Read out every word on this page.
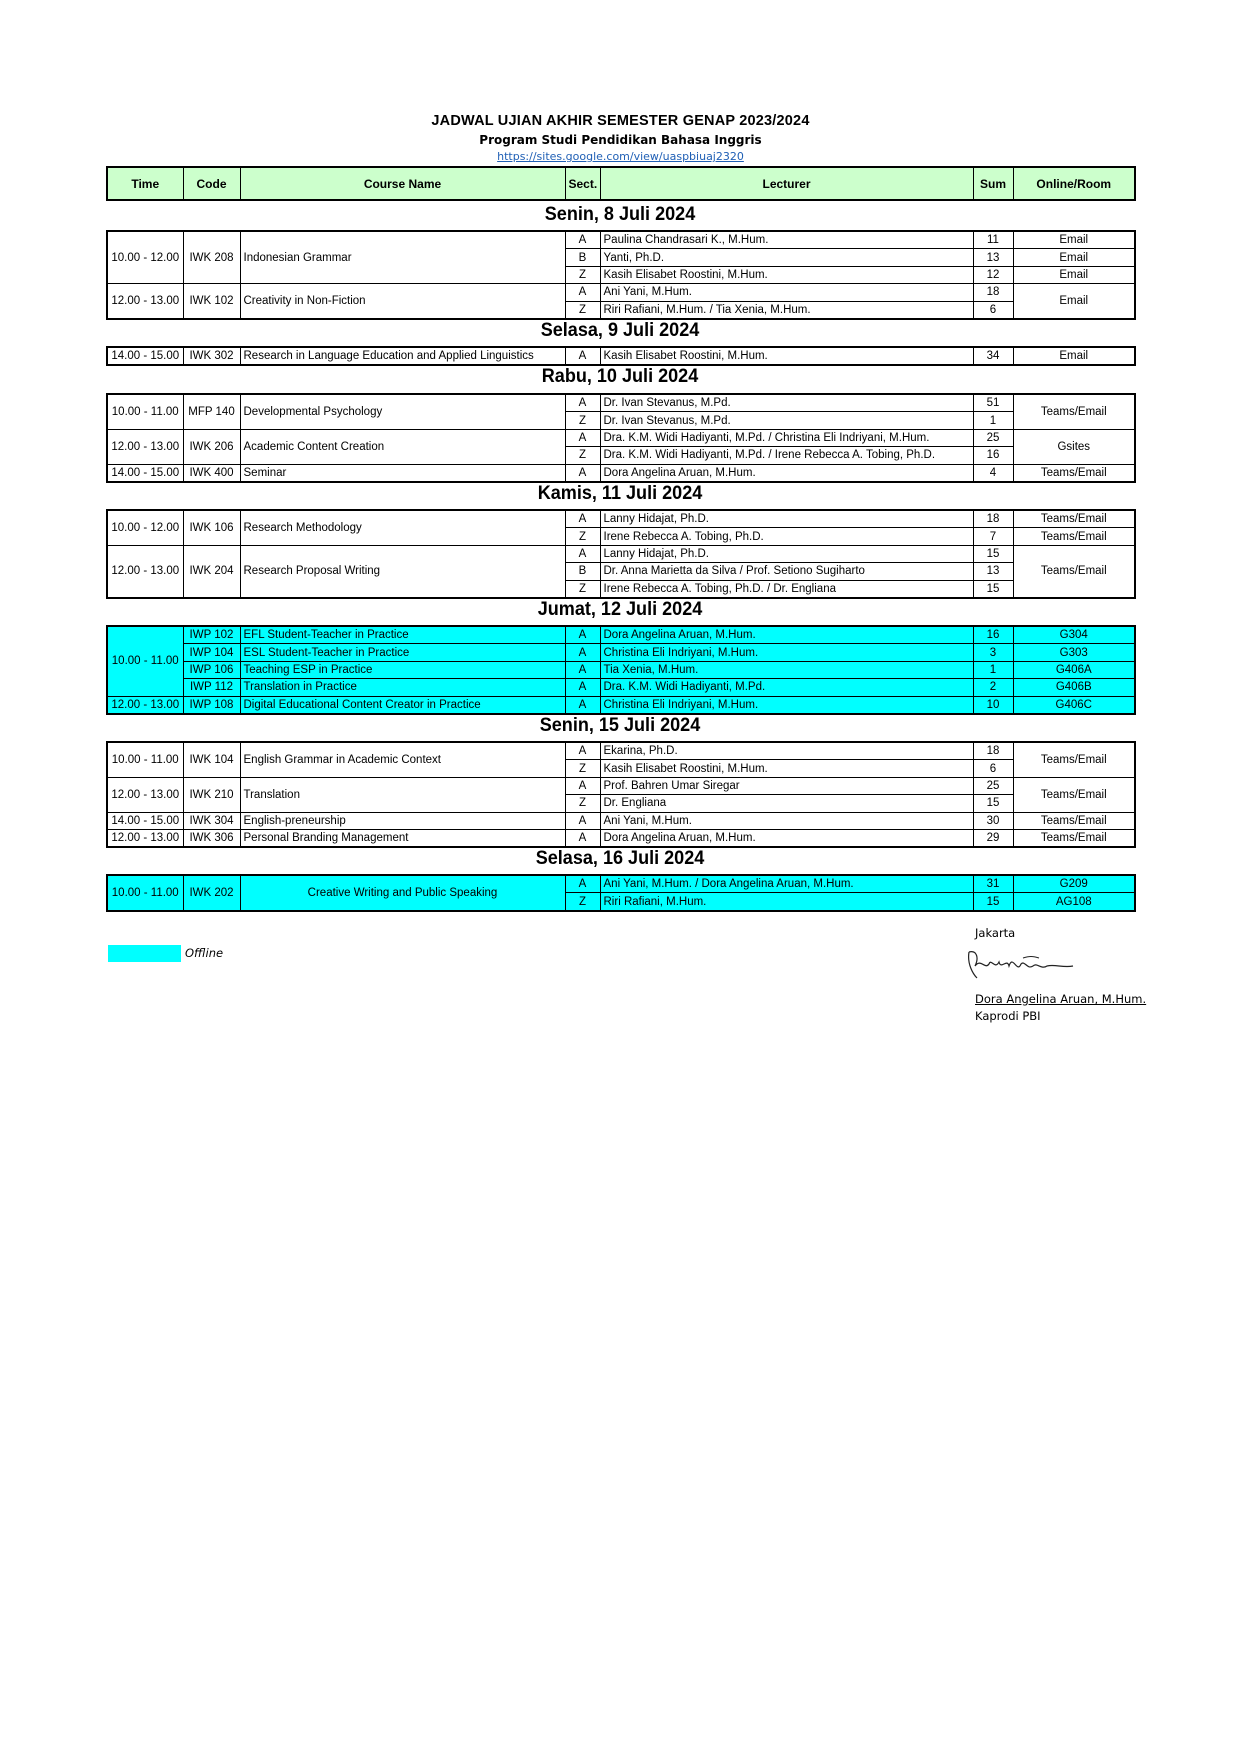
JADWAL UJIAN AKHIR SEMESTER GENAP 2023/2024
Program Studi Pendidikan Bahasa Inggris
https://sites.google.com/view/uaspbiuaj2320
Time	Code	Course Name	Sect.	Lecturer	Sum	Online/Room
Senin, 8 Juli 2024
10.00 - 12.00	IWK 208	Indonesian Grammar	A	Paulina Chandrasari K., M.Hum.	11	Email
			B	Yanti, Ph.D.	13	Email
			Z	Kasih Elisabet Roostini, M.Hum.	12	Email
12.00 - 13.00	IWK 102	Creativity in Non-Fiction	A	Ani Yani, M.Hum.	18	Email
			Z	Riri Rafiani, M.Hum. / Tia Xenia, M.Hum.	6	
Selasa, 9 Juli 2024
14.00 - 15.00	IWK 302	Research in Language Education and Applied Linguistics	A	Kasih Elisabet Roostini, M.Hum.	34	Email
Rabu, 10 Juli 2024
10.00 - 11.00	MFP 140	Developmental Psychology	A	Dr. Ivan Stevanus, M.Pd.	51	Teams/Email
			Z	Dr. Ivan Stevanus, M.Pd.	1	
12.00 - 13.00	IWK 206	Academic Content Creation	A	Dra. K.M. Widi Hadiyanti, M.Pd. / Christina Eli Indriyani, M.Hum.	25	Gsites
			Z	Dra. K.M. Widi Hadiyanti, M.Pd. / Irene Rebecca A. Tobing, Ph.D.	16	
14.00 - 15.00	IWK 400	Seminar	A	Dora Angelina Aruan, M.Hum.	4	Teams/Email
Kamis, 11 Juli 2024
10.00 - 12.00	IWK 106	Research Methodology	A	Lanny Hidajat, Ph.D.	18	Teams/Email
			Z	Irene Rebecca A. Tobing, Ph.D.	7	Teams/Email
12.00 - 13.00	IWK 204	Research Proposal Writing	A	Lanny Hidajat, Ph.D.	15	Teams/Email
			B	Dr. Anna Marietta da Silva / Prof. Setiono Sugiharto	13	
			Z	Irene Rebecca A. Tobing, Ph.D. / Dr. Engliana	15	
Jumat, 12 Juli 2024
10.00 - 11.00	IWP 102	EFL Student-Teacher in Practice	A	Dora Angelina Aruan, M.Hum.	16	G304
	IWP 104	ESL Student-Teacher in Practice	A	Christina Eli Indriyani, M.Hum.	3	G303
	IWP 106	Teaching ESP in Practice	A	Tia Xenia, M.Hum.	1	G406A
	IWP 112	Translation in Practice	A	Dra. K.M. Widi Hadiyanti, M.Pd.	2	G406B
12.00 - 13.00	IWP 108	Digital Educational Content Creator in Practice	A	Christina Eli Indriyani, M.Hum.	10	G406C
Senin, 15 Juli 2024
10.00 - 11.00	IWK 104	English Grammar in Academic Context	A	Ekarina, Ph.D.	18	Teams/Email
			Z	Kasih Elisabet Roostini, M.Hum.	6	
12.00 - 13.00	IWK 210	Translation	A	Prof. Bahren Umar Siregar	25	Teams/Email
			Z	Dr. Engliana	15	
14.00 - 15.00	IWK 304	English-preneurship	A	Ani Yani, M.Hum.	30	Teams/Email
12.00 - 13.00	IWK 306	Personal Branding Management	A	Dora Angelina Aruan, M.Hum.	29	Teams/Email
Selasa, 16 Juli 2024
10.00 - 11.00	IWK 202	Creative Writing and Public Speaking	A	Ani Yani, M.Hum. / Dora Angelina Aruan, M.Hum.	31	G209
			Z	Riri Rafiani, M.Hum.	15	AG108
Offline
Jakarta
Dora Angelina Aruan, M.Hum.
Kaprodi PBI
